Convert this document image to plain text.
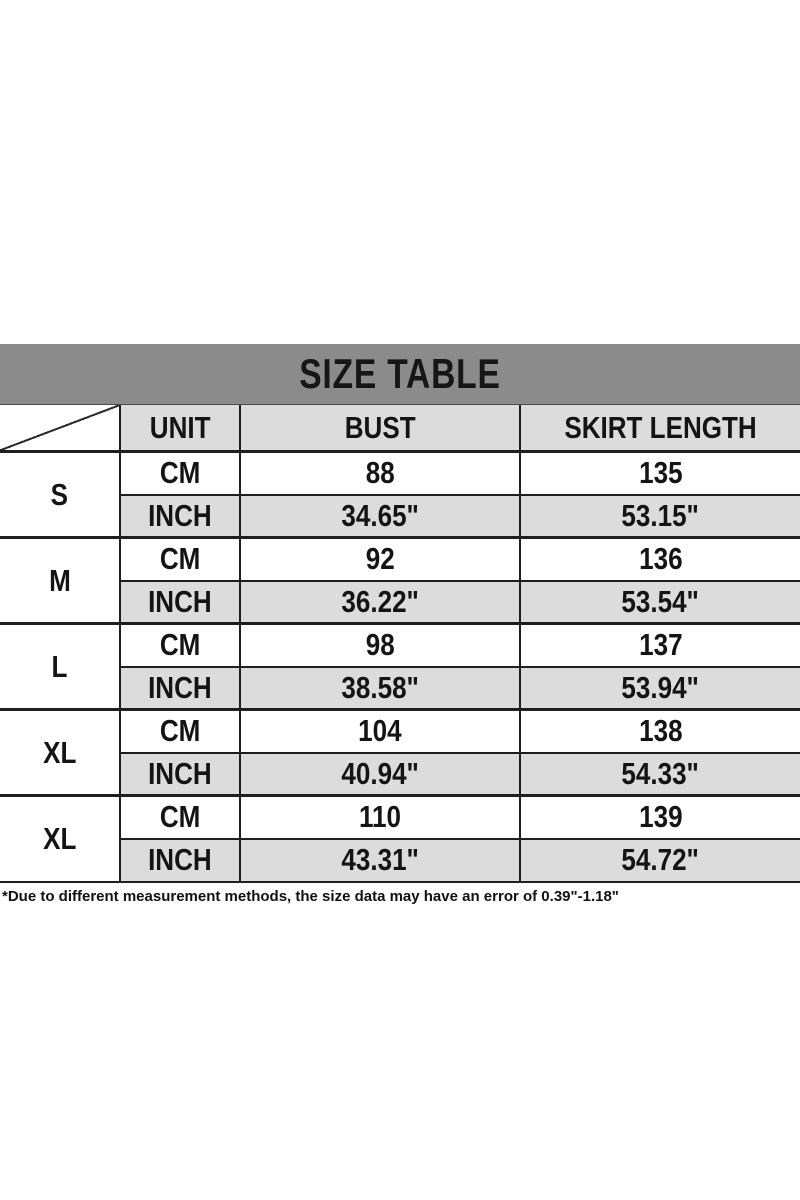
SIZE TABLE
	UNIT	BUST	SKIRT LENGTH
S	CM	88	135
	INCH	34.65"	53.15"
M	CM	92	136
	INCH	36.22"	53.54"
L	CM	98	137
	INCH	38.58"	53.94"
XL	CM	104	138
	INCH	40.94"	54.33"
XL	CM	110	139
	INCH	43.31"	54.72"
*Due to different measurement methods, the size data may have an error of 0.39"-1.18"
